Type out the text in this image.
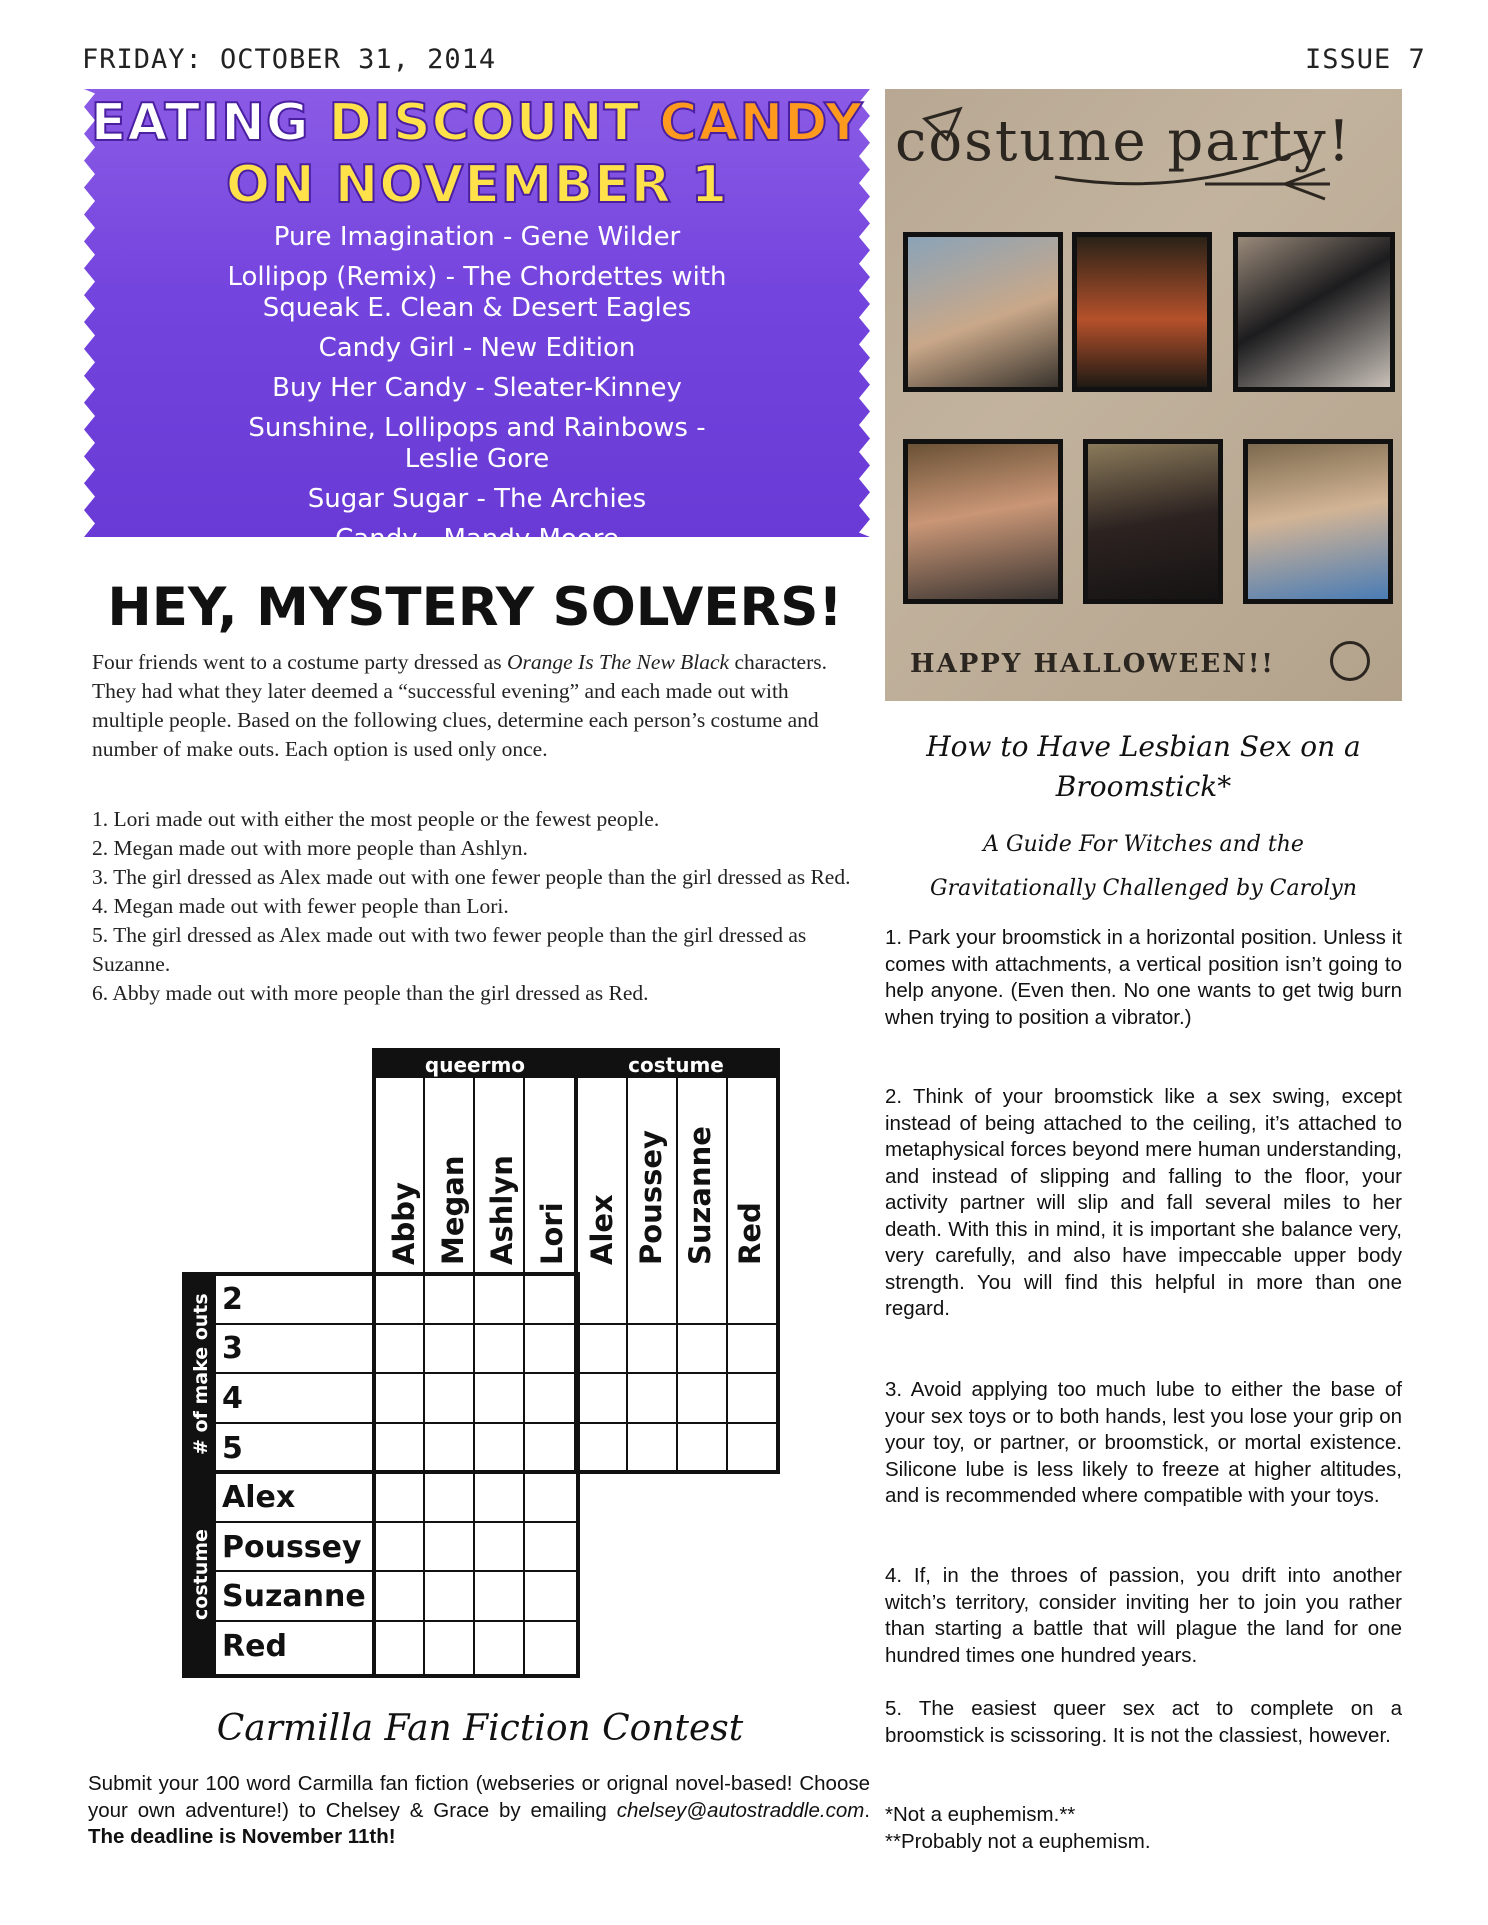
FRIDAY: OCTOBER 31, 2014	ISSUE 7
EATING DISCOUNT CANDY
ON NOVEMBER 1
Pure Imagination - Gene Wilder
Lollipop (Remix) - The Chordettes with Squeak E. Clean & Desert Eagles
Candy Girl - New Edition
Buy Her Candy - Sleater-Kinney
Sunshine, Lollipops and Rainbows - Leslie Gore
Sugar Sugar - The Archies
Candy - Mandy Moore
HEY, MYSTERY SOLVERS!
Four friends went to a costume party dressed as Orange Is The New Black characters. They had what they later deemed a “successful evening” and each made out with multiple people. Based on the following clues, determine each person’s costume and number of make outs. Each option is used only once.
1. Lori made out with either the most people or the fewest people.
2. Megan made out with more people than Ashlyn.
3. The girl dressed as Alex made out with one fewer people than the girl dressed as Red.
4. Megan made out with fewer people than Lori.
5. The girl dressed as Alex made out with two fewer people than the girl dressed as Suzanne.
6. Abby made out with more people than the girl dressed as Red.
queermo	costume
# of make outs
costume
Abby Megan Ashlyn Lori Alex Poussey Suzanne Red
2
3
4
5
Alex
Poussey
Suzanne
Red
costume party!
HAPPY HALLOWEEN!!
How to Have Lesbian Sex on a Broomstick*
A Guide For Witches and the Gravitationally Challenged by Carolyn
1. Park your broomstick in a horizontal position. Unless it comes with attachments, a vertical position isn’t going to help anyone. (Even then. No one wants to get twig burn when trying to position a vibrator.)
2. Think of your broomstick like a sex swing, except instead of being attached to the ceiling, it’s attached to metaphysical forces beyond mere human understanding, and instead of slipping and falling to the floor, your activity partner will slip and fall several miles to her death. With this in mind, it is important she balance very, very carefully, and also have impeccable upper body strength. You will find this helpful in more than one regard.
3. Avoid applying too much lube to either the base of your sex toys or to both hands, lest you lose your grip on your toy, or partner, or broomstick, or mortal existence. Silicone lube is less likely to freeze at higher altitudes, and is recommended where compatible with your toys.
4. If, in the throes of passion, you drift into another witch’s territory, consider inviting her to join you rather than starting a battle that will plague the land for one hundred times one hundred years.
5. The easiest queer sex act to complete on a broomstick is scissoring. It is not the classiest, however.
*Not a euphemism.**
**Probably not a euphemism.
Carmilla Fan Fiction Contest
Submit your 100 word Carmilla fan fiction (webseries or orignal novel-based! Choose your own adventure!) to Chelsey & Grace by emailing chelsey@autostraddle.com. The deadline is November 11th!
